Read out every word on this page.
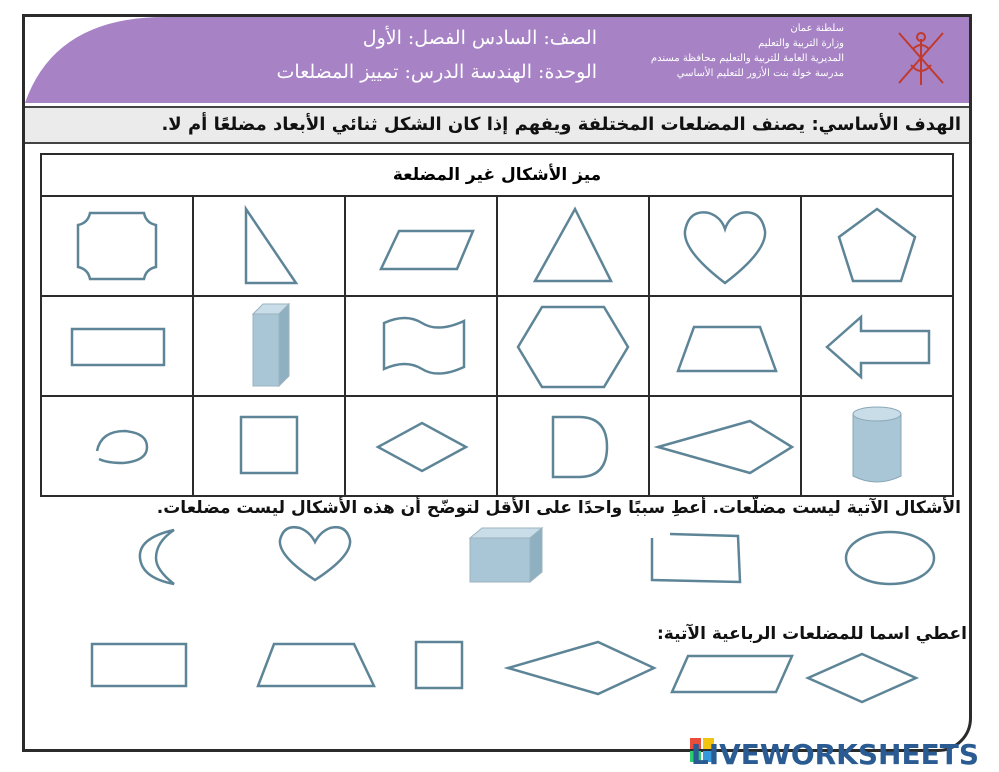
الصف: السادس الفصل: الأول
الوحدة: الهندسة الدرس: تمييز المضلعات
سلطنة عمان
وزارة التربية والتعليم
المديرية العامة للتربية والتعليم محافظة مسندم
مدرسة خولة بنت الأزور للتعليم الأساسي
الهدف الأساسي: يصنف المضلعات المختلفة ويفهم إذا كان الشكل ثنائي الأبعاد مضلعًا أم لا.
ميز الأشكال غير المضلعة					

الأشكال الآتية ليست مضلّعات. أعطِ سببًا واحدًا على الأقل لتوضّح أن هذه الأشكال ليست مضلعات.
اعطي اسما للمضلعات الرباعية الآتية:
LIVEWORKSHEETS
